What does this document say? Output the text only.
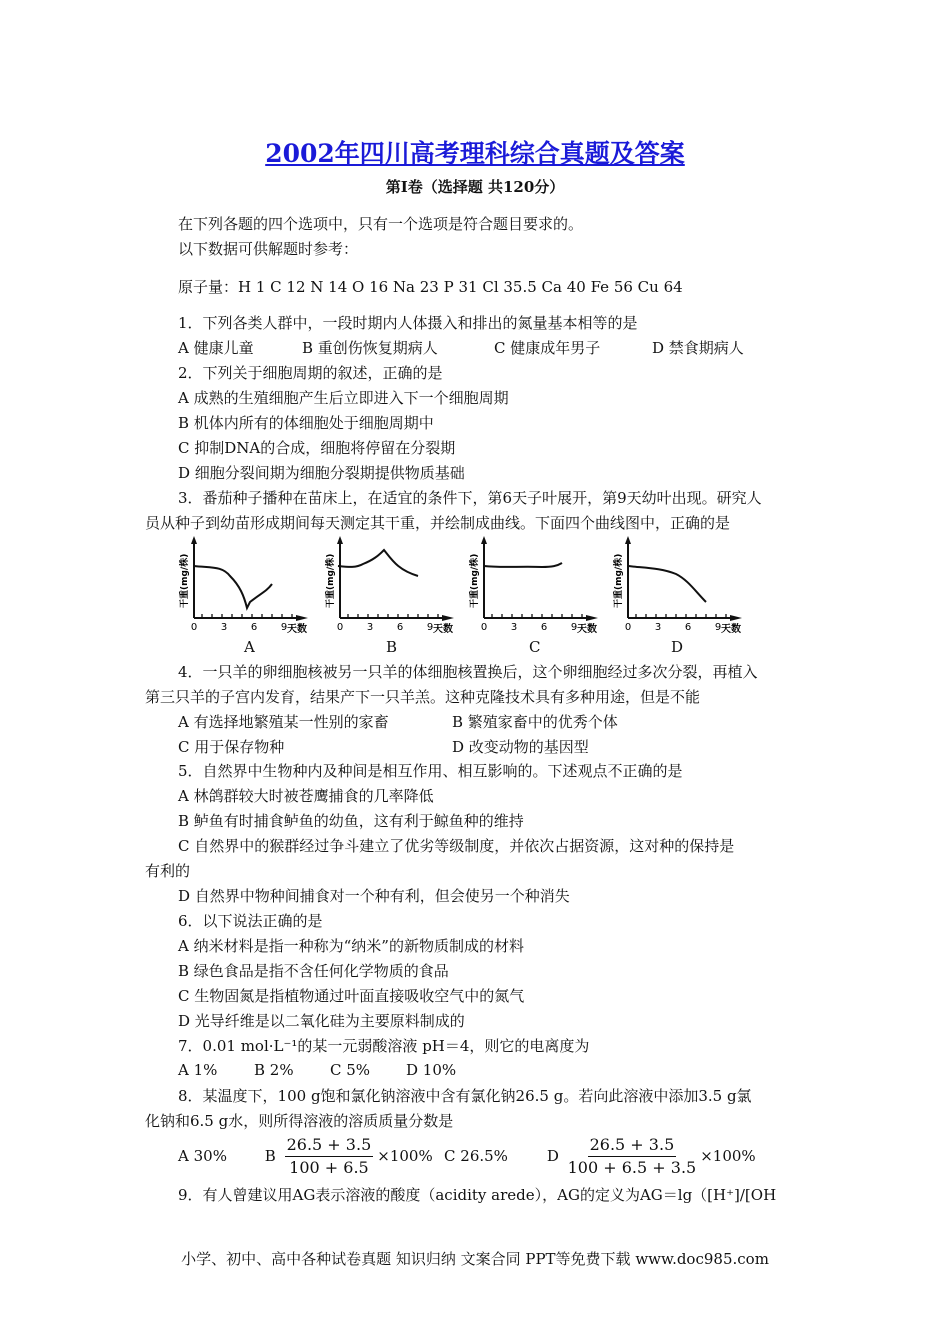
2002年四川高考理科综合真题及答案
第Ⅰ卷（选择题 共120分）
在下列各题的四个选项中，只有一个选项是符合题目要求的。
以下数据可供解题时参考：
原子量：H 1 C 12 N 14 O 16 Na 23 P 31 Cl 35.5 Ca 40 Fe 56 Cu 64
1．下列各类人群中，一段时期内人体摄入和排出的氮量基本相等的是
A 健康儿童	B 重创伤恢复期病人	C 健康成年男子	D 禁食期病人
2．下列关于细胞周期的叙述，正确的是
A 成熟的生殖细胞产生后立即进入下一个细胞周期
B 机体内所有的体细胞处于细胞周期中
C 抑制DNA的合成，细胞将停留在分裂期
D 细胞分裂间期为细胞分裂期提供物质基础
3．番茄种子播种在苗床上，在适宜的条件下，第6天子叶展开，第9天幼叶出现。研究人
员从种子到幼苗形成期间每天测定其干重，并绘制成曲线。下面四个曲线图中，正确的是
0 3 6 9 天数
干重(mg/株)
0 3 6 9 天数
干重(mg/株)
0 3 6 9 天数
干重(mg/株)
0 3 6 9 天数
干重(mg/株)
A	B	C	D
4．一只羊的卵细胞核被另一只羊的体细胞核置换后，这个卵细胞经过多次分裂，再植入
第三只羊的子宫内发育，结果产下一只羊羔。这种克隆技术具有多种用途，但是不能
A 有选择地繁殖某一性别的家畜	B 繁殖家畜中的优秀个体
C 用于保存物种	D 改变动物的基因型
5．自然界中生物种内及种间是相互作用、相互影响的。下述观点不正确的是
A 林鸽群较大时被苍鹰捕食的几率降低
B 鲈鱼有时捕食鲈鱼的幼鱼，这有利于鲸鱼种的维持
C 自然界中的猴群经过争斗建立了优劣等级制度，并依次占据资源，这对种的保持是
有利的
D 自然界中物种间捕食对一个种有利，但会使另一个种消失
6．以下说法正确的是
A 纳米材料是指一种称为“纳米”的新物质制成的材料
B 绿色食品是指不含任何化学物质的食品
C 生物固氮是指植物通过叶面直接吸收空气中的氮气
D 光导纤维是以二氧化硅为主要原料制成的
7．0.01 mol·L⁻¹的某一元弱酸溶液 pH＝4，则它的电离度为
A 1% B 2% C 5% D 10%
8．某温度下，100 g饱和氯化钠溶液中含有氯化钠26.5 g。若向此溶液中添加3.5 g氯
化钠和6.5 g水，则所得溶液的溶质质量分数是
A 30%	B $\frac{26.5 + 3.5}{100 + 6.5} \times 100\%$ C 26.5%	D $\frac{26.5 + 3.5}{100 + 6.5 + 3.5} \times 100\%$
9．有人曾建议用AG表示溶液的酸度（acidity arede），AG的定义为AG＝lg（[H⁺]/[OH
小学、初中、高中各种试卷真题 知识归纳 文案合同 PPT等免费下载 www.doc985.com
